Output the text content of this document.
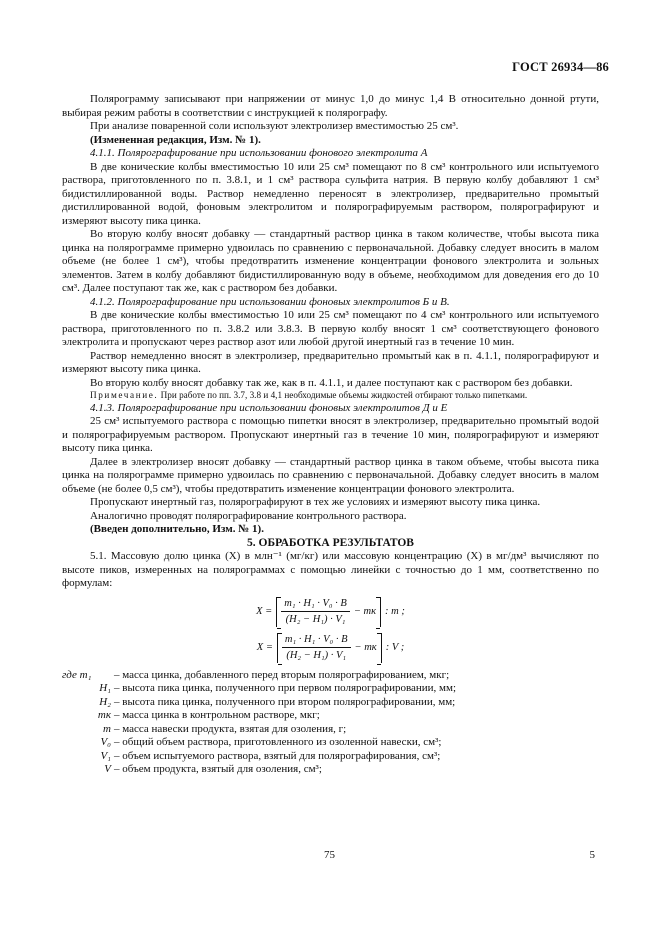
ГОСТ 26934—86

Полярограмму записывают при напряжении от минус 1,0 до минус 1,4 В относительно донной ртути, выбирая режим работы в соответствии с инструкцией к полярографу.

При анализе поваренной соли используют электролизер вместимостью 25 см³.

(Измененная редакция, Изм. № 1).

4.1.1. Полярографирование при использовании фонового электролита А

В две конические колбы вместимостью 10 или 25 см³ помещают по 8 см³ контрольного или испытуемого раствора, приготовленного по п. 3.8.1, и 1 см³ раствора сульфита натрия. В первую колбу добавляют 1 см³ бидистиллированной воды. Раствор немедленно переносят в электролизер, предварительно промытый дистиллированной водой, фоновым электролитом и полярографируемым раствором, полярографируют и измеряют высоту пика цинка.

Во вторую колбу вносят добавку — стандартный раствор цинка в таком количестве, чтобы высота пика цинка на полярограмме примерно удвоилась по сравнению с первоначальной. Добавку следует вносить в малом объеме (не более 1 см³), чтобы предотвратить изменение концентрации фонового электролита и зольных элементов. Затем в колбу добавляют бидистиллированную воду в объеме, необходимом для доведения его до 10 см³. Далее поступают так же, как с раствором без добавки.

4.1.2. Полярографирование при использовании фоновых электролитов Б и В.

В две конические колбы вместимостью 10 или 25 см³ помещают по 4 см³ контрольного или испытуемого раствора, приготовленного по п. 3.8.2 или 3.8.3. В первую колбу вносят 1 см³ соответствующего фонового электролита и пропускают через раствор азот или любой другой инертный газ в течение 10 мин.

Раствор немедленно вносят в электролизер, предварительно промытый как в п. 4.1.1, полярографируют и измеряют высоту пика цинка.

Во вторую колбу вносят добавку так же, как в п. 4.1.1, и далее поступают как с раствором без добавки.

Примечание. При работе по пп. 3.7, 3.8 и 4,1 необходимые объемы жидкостей отбирают только пипетками.

4.1.3. Полярографирование при использовании фоновых электролитов Д и Е

25 см³ испытуемого раствора с помощью пипетки вносят в электролизер, предварительно промытый водой и полярографируемым раствором. Пропускают инертный газ в течение 10 мин, полярографируют и измеряют высоту пика цинка.

Далее в электролизер вносят добавку — стандартный раствор цинка в таком объеме, чтобы высота пика цинка на полярограмме примерно удвоилась по сравнению с первоначальной. Добавку следует вносить в малом объеме (не более 0,5 см³), чтобы предотвратить изменение концентрации фонового электролита.

Пропускают инертный газ, полярографируют в тех же условиях и измеряют высоту пика цинка.

Аналогично проводят полярографирование контрольного раствора.

(Введен дополнительно, Изм. № 1).

5. ОБРАБОТКА РЕЗУЛЬТАТОВ

5.1. Массовую долю цинка (X) в млн⁻¹ (мг/кг) или массовую концентрацию (X) в мг/дм³ вычисляют по высоте пиков, измеренных на полярограммах с помощью линейки с точностью до 1 мм, соответственно по формулам:

$X = \frac{\text{m₁ · H₁ · V₀ · B}}{\text{(H₂ − H₁) · V₁}}$ − mк : m ;
$X = \frac{\text{m₁ · H₁ · V₀ · B}}{\text{(H₂ − H₁) · V₁}}$ − mк : V ;
где m₁	– масса цинка, добавленного перед вторым полярографированием, мкг;
H₁ – высота пика цинка, полученного при первом полярографировании, мм;
H₂ – высота пика цинка, полученного при втором полярографировании, мм;
mк – масса цинка в контрольном растворе, мкг;
m – масса навески продукта, взятая для озоления, г;
V₀ – общий объем раствора, приготовленного из озоленной навески, см³;
V₁ – объем испытуемого раствора, взятый для полярографирования, см³;
V – объем продукта, взятый для озоления, см³;
75	5
